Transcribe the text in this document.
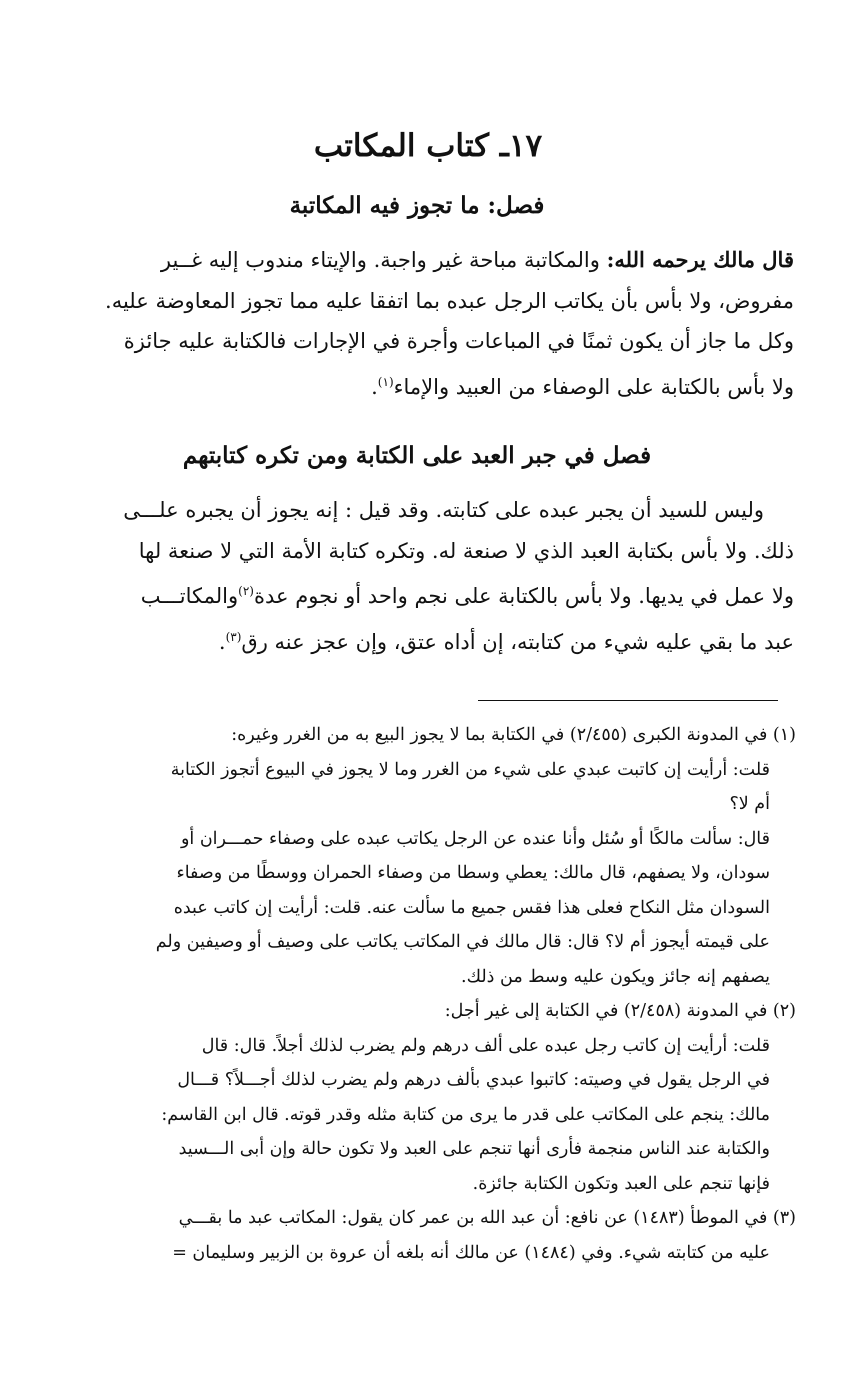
١٧ـ كتاب المكاتب
فصل: ما تجوز فيه المكاتبة
قال مالك يرحمه الله: والمكاتبة مباحة غير واجبة. والإيتاء مندوب إليه غــير
مفروض، ولا بأس بأن يكاتب الرجل عبده بما اتفقا عليه مما تجوز المعاوضة عليه.
وكل ما جاز أن يكون ثمنًا في المباعات وأجرة في الإجارات فالكتابة عليه جائزة
ولا بأس بالكتابة على الوصفاء من العبيد والإماء$^{(١)}$.
فصل في جبر العبد على الكتابة ومن تكره كتابتهم
وليس للسيد أن يجبر عبده على كتابته. وقد قيل : إنه يجوز أن يجبره علـــى
ذلك. ولا بأس بكتابة العبد الذي لا صنعة له. وتكره كتابة الأمة التي لا صنعة لها
ولا عمل في يديها. ولا بأس بالكتابة على نجم واحد أو نجوم عدة$^{(٢)}$والمكاتـــب
عبد ما بقي عليه شيء من كتابته، إن أداه عتق، وإن عجز عنه رق$^{(٣)}$.
(١) في المدونة الكبرى (٢/٤٥٥) في الكتابة بما لا يجوز البيع به من الغرر وغيره:
قلت: أرأيت إن كاتبت عبدي على شيء من الغرر وما لا يجوز في البيوع أتجوز الكتابة
أم لا؟
قال: سألت مالكًا أو سُئل وأنا عنده عن الرجل يكاتب عبده على وصفاء حمـــران أو
سودان، ولا يصفهم، قال مالك: يعطي وسطا من وصفاء الحمران ووسطًا من وصفاء
السودان مثل النكاح فعلى هذا فقس جميع ما سألت عنه. قلت: أرأيت إن كاتب عبده
على قيمته أيجوز أم لا؟ قال: قال مالك في المكاتب يكاتب على وصيف أو وصيفين ولم
يصفهم إنه جائز ويكون عليه وسط من ذلك.
(٢) في المدونة (٢/٤٥٨) في الكتابة إلى غير أجل:
قلت: أرأيت إن كاتب رجل عبده على ألف درهم ولم يضرب لذلك أجلاً. قال: قال
في الرجل يقول في وصيته: كاتبوا عبدي بألف درهم ولم يضرب لذلك أجـــلاً؟ قـــال
مالك: ينجم على المكاتب على قدر ما يرى من كتابة مثله وقدر قوته. قال ابن القاسم:
والكتابة عند الناس منجمة فأرى أنها تنجم على العبد ولا تكون حالة وإن أبى الـــسيد
فإنها تنجم على العبد وتكون الكتابة جائزة.
(٣) في الموطأ (١٤٨٣) عن نافع: أن عبد الله بن عمر كان يقول: المكاتب عبد ما بقـــي
عليه من كتابته شيء. وفي (١٤٨٤) عن مالك أنه بلغه أن عروة بن الزبير وسليمان =
